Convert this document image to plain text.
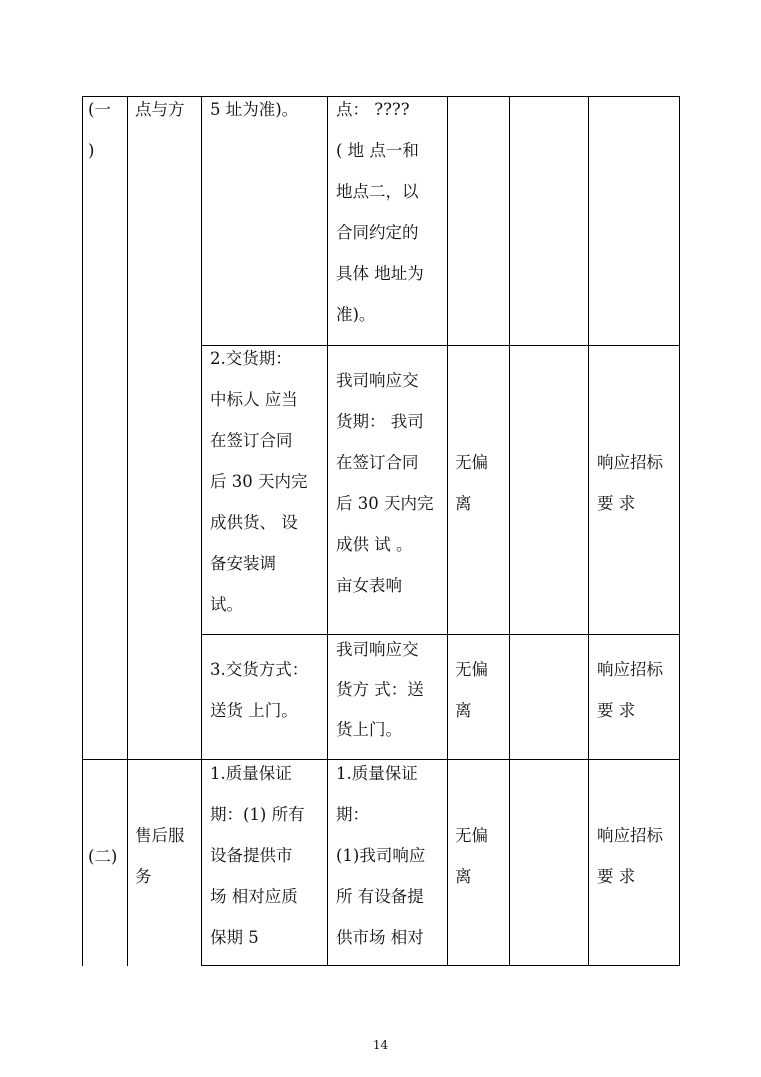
(一
)
点与方	5 址为准)。	点： ????
( 地 点一和
地点二，以
合同约定的
具体 地址为
准)。
2.交货期：
中标人 应当
在签订合同
后 30 天内完
成供货、 设
备安装调
试。
我司响应交
货期： 我司
在签订合同
后 30 天内完
成供 试 。
亩女表响
无偏
离
响应招标
要 求
3.交货方式：
送货 上门。
我司响应交
货方 式：送
货上门。
无偏
离
响应招标
要 求
(二)
售后服
务
1.质量保证
期：(1) 所有
设备提供市
场 相对应质
保期 5
1.质量保证
期：
(1)我司响应
所 有设备提
供市场 相对
无偏
离
响应招标
要 求
14
